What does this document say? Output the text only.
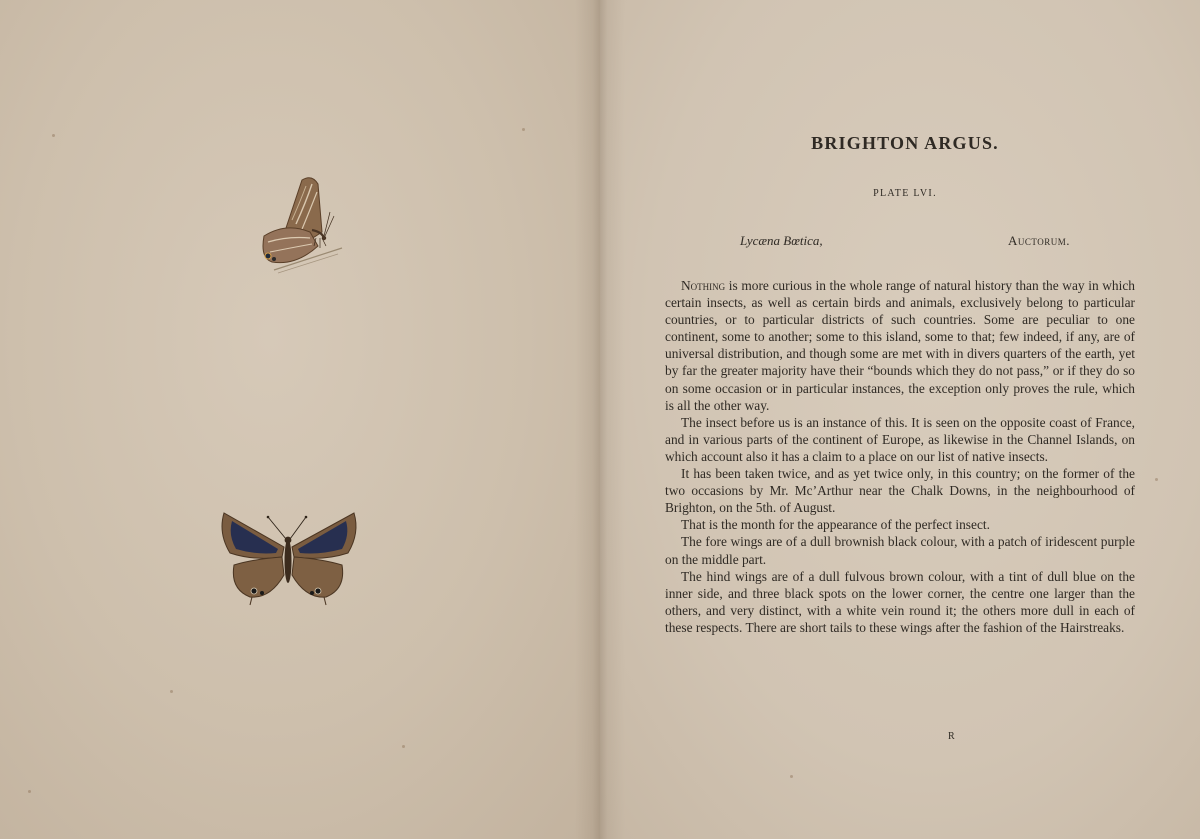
BRIGHTON ARGUS.
PLATE LVI.
Lycæna Bœtica,	Auctorum.

Nothing is more curious in the whole range of natural history than the way in which certain insects, as well as certain birds and animals, exclusively belong to particular countries, or to particular districts of such countries. Some are peculiar to one continent, some to another; some to this island, some to that; few indeed, if any, are of universal distribution, and though some are met with in divers quarters of the earth, yet by far the greater majority have their “bounds which they do not pass,” or if they do so on some occasion or in particular instances, the exception only proves the rule, which is all the other way.

The insect before us is an instance of this. It is seen on the opposite coast of France, and in various parts of the continent of Europe, as likewise in the Channel Islands, on which account also it has a claim to a place on our list of native insects.

It has been taken twice, and as yet twice only, in this country; on the former of the two occasions by Mr. Mc’Arthur near the Chalk Downs, in the neighbourhood of Brighton, on the 5th. of August.

That is the month for the appearance of the perfect insect.

The fore wings are of a dull brownish black colour, with a patch of iridescent purple on the middle part.

The hind wings are of a dull fulvous brown colour, with a tint of dull blue on the inner side, and three black spots on the lower corner, the centre one larger than the others, and very distinct, with a white vein round it; the others more dull in each of these respects. There are short tails to these wings after the fashion of the Hairstreaks.

R
